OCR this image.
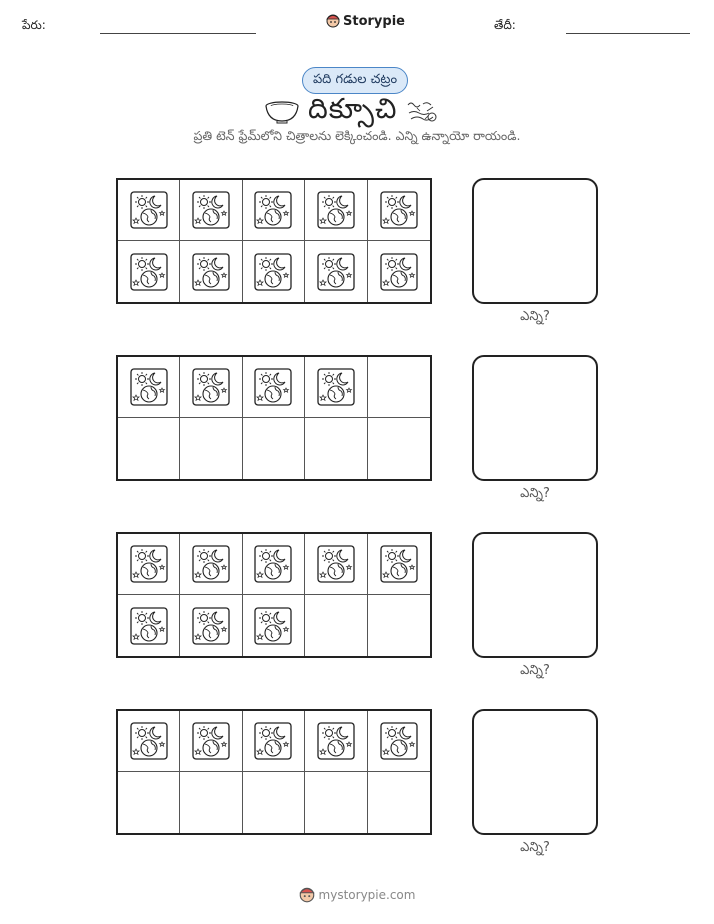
పేరు:	Storypie	తేదీ:
పది గడుల చట్రం
దిక్సూచి
ప్రతి టెన్ ఫ్రేమ్‌లోని చిత్రాలను లెక్కించండి. ఎన్ని ఉన్నాయో రాయండి.
ఎన్ని?
ఎన్ని?
ఎన్ని?
ఎన్ని?
mystorypie.com
